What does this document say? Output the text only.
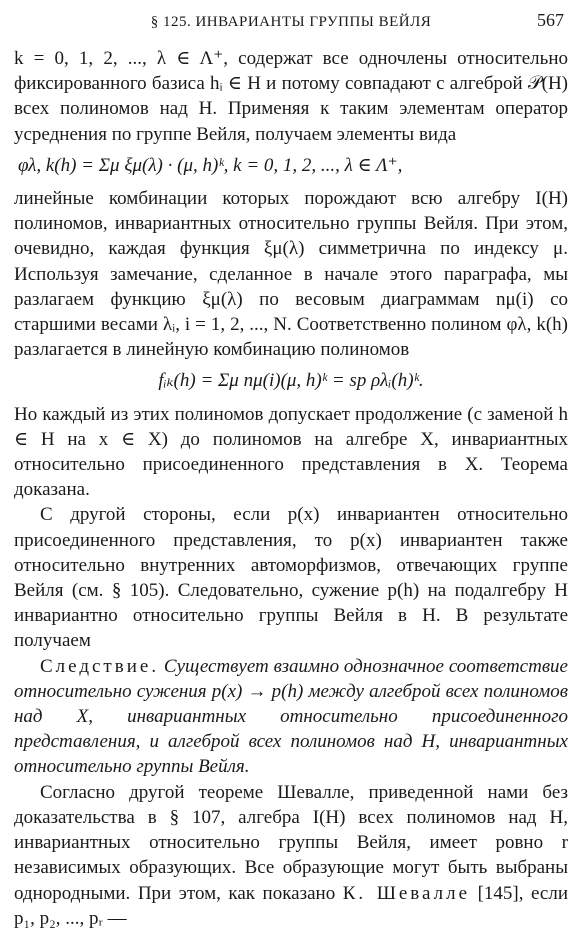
§ 125. ИНВАРИАНТЫ ГРУППЫ ВЕЙЛЯ	567

k = 0, 1, 2, ..., λ ∈ Λ⁺, содержат все одночлены относительно фиксированного базиса hᵢ ∈ H и потому совпадают с алгеброй 𝒫(H) всех полиномов над H. Применяя к таким элементам оператор усреднения по группе Вейля, получаем элементы вида

φλ, k(h) = Σμ ξμ(λ) · (μ, h)ᵏ, k = 0, 1, 2, ..., λ ∈ Λ⁺,

линейные комбинации которых порождают всю алгебру I(H) полиномов, инвариантных относительно группы Вейля. При этом, очевидно, каждая функция ξμ(λ) симметрична по индексу μ. Используя замечание, сделанное в начале этого параграфа, мы разлагаем функцию ξμ(λ) по весовым диаграммам nμ(i) со старшими весами λᵢ, i = 1, 2, ..., N. Соответственно полином φλ, k(h) разлагается в линейную комбинацию полиномов

fᵢₖ(h) = Σμ nμ(i)(μ, h)ᵏ = sp ρλᵢ(h)ᵏ.

Но каждый из этих полиномов допускает продолжение (с заменой h ∈ H на x ∈ X) до полиномов на алгебре X, инвариантных относительно присоединенного представления в X. Теорема доказана.

С другой стороны, если p(x) инвариантен относительно присоединенного представления, то p(x) инвариантен также относительно внутренних автоморфизмов, отвечающих группе Вейля (см. § 105). Следовательно, сужение p(h) на подалгебру H инвариантно относительно группы Вейля в H. В результате получаем

Следствие. Существует взаимно однозначное соответствие относительно сужения p(x) → p(h) между алгеброй всех полиномов над X, инвариантных относительно присоединенного представления, и алгеброй всех полиномов над H, инвариантных относительно группы Вейля.

Согласно другой теореме Шевалле, приведенной нами без доказательства в § 107, алгебра I(H) всех полиномов над H, инвариантных относительно группы Вейля, имеет ровно r независимых образующих. Все образующие могут быть выбраны однородными. При этом, как показано К. Шевалле [145], если p₁, p₂, ..., pᵣ —
